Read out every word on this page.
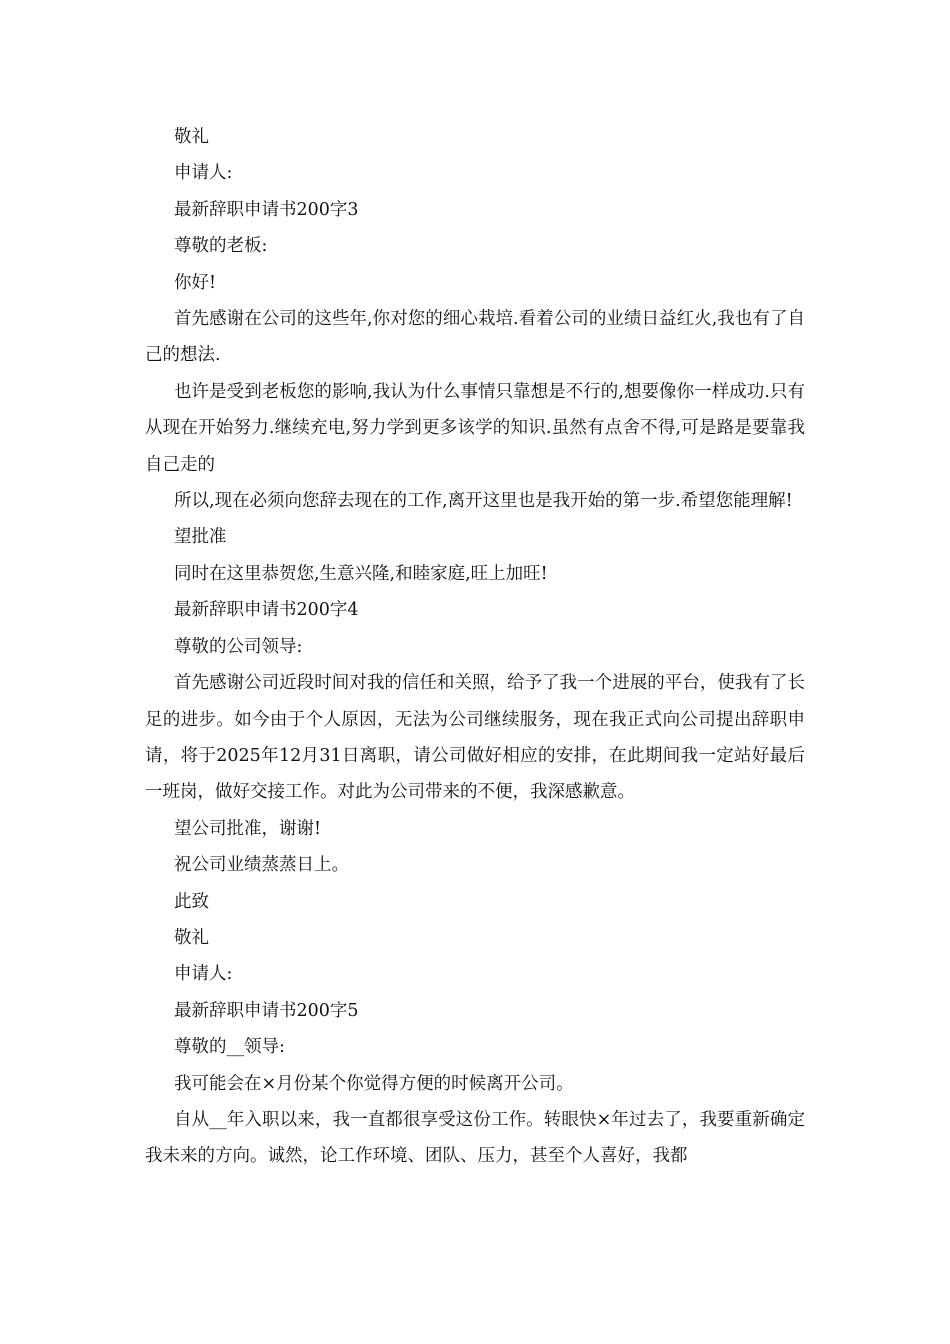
敬礼

申请人:

最新辞职申请书200字3

尊敬的老板:

你好!

首先感谢在公司的这些年,你对您的细心栽培.看着公司的业绩日益红火,我也有了自己的想法.

也许是受到老板您的影响,我认为什么事情只靠想是不行的,想要像你一样成功.只有从现在开始努力.继续充电,努力学到更多该学的知识.虽然有点舍不得,可是路是要靠我自己走的

所以,现在必须向您辞去现在的工作,离开这里也是我开始的第一步.希望您能理解!

望批准

同时在这里恭贺您,生意兴隆,和睦家庭,旺上加旺!

最新辞职申请书200字4

尊敬的公司领导:

首先感谢公司近段时间对我的信任和关照，给予了我一个进展的平台，使我有了长足的进步。如今由于个人原因，无法为公司继续服务，现在我正式向公司提出辞职申请，将于2025年12月31日离职，请公司做好相应的安排，在此期间我一定站好最后一班岗，做好交接工作。对此为公司带来的不便，我深感歉意。

望公司批准，谢谢!

祝公司业绩蒸蒸日上。

此致

敬礼

申请人:

最新辞职申请书200字5

尊敬的__领导:

我可能会在×月份某个你觉得方便的时候离开公司。

自从__年入职以来，我一直都很享受这份工作。转眼快×年过去了，我要重新确定我未来的方向。诚然，论工作环境、团队、压力，甚至个人喜好，我都
